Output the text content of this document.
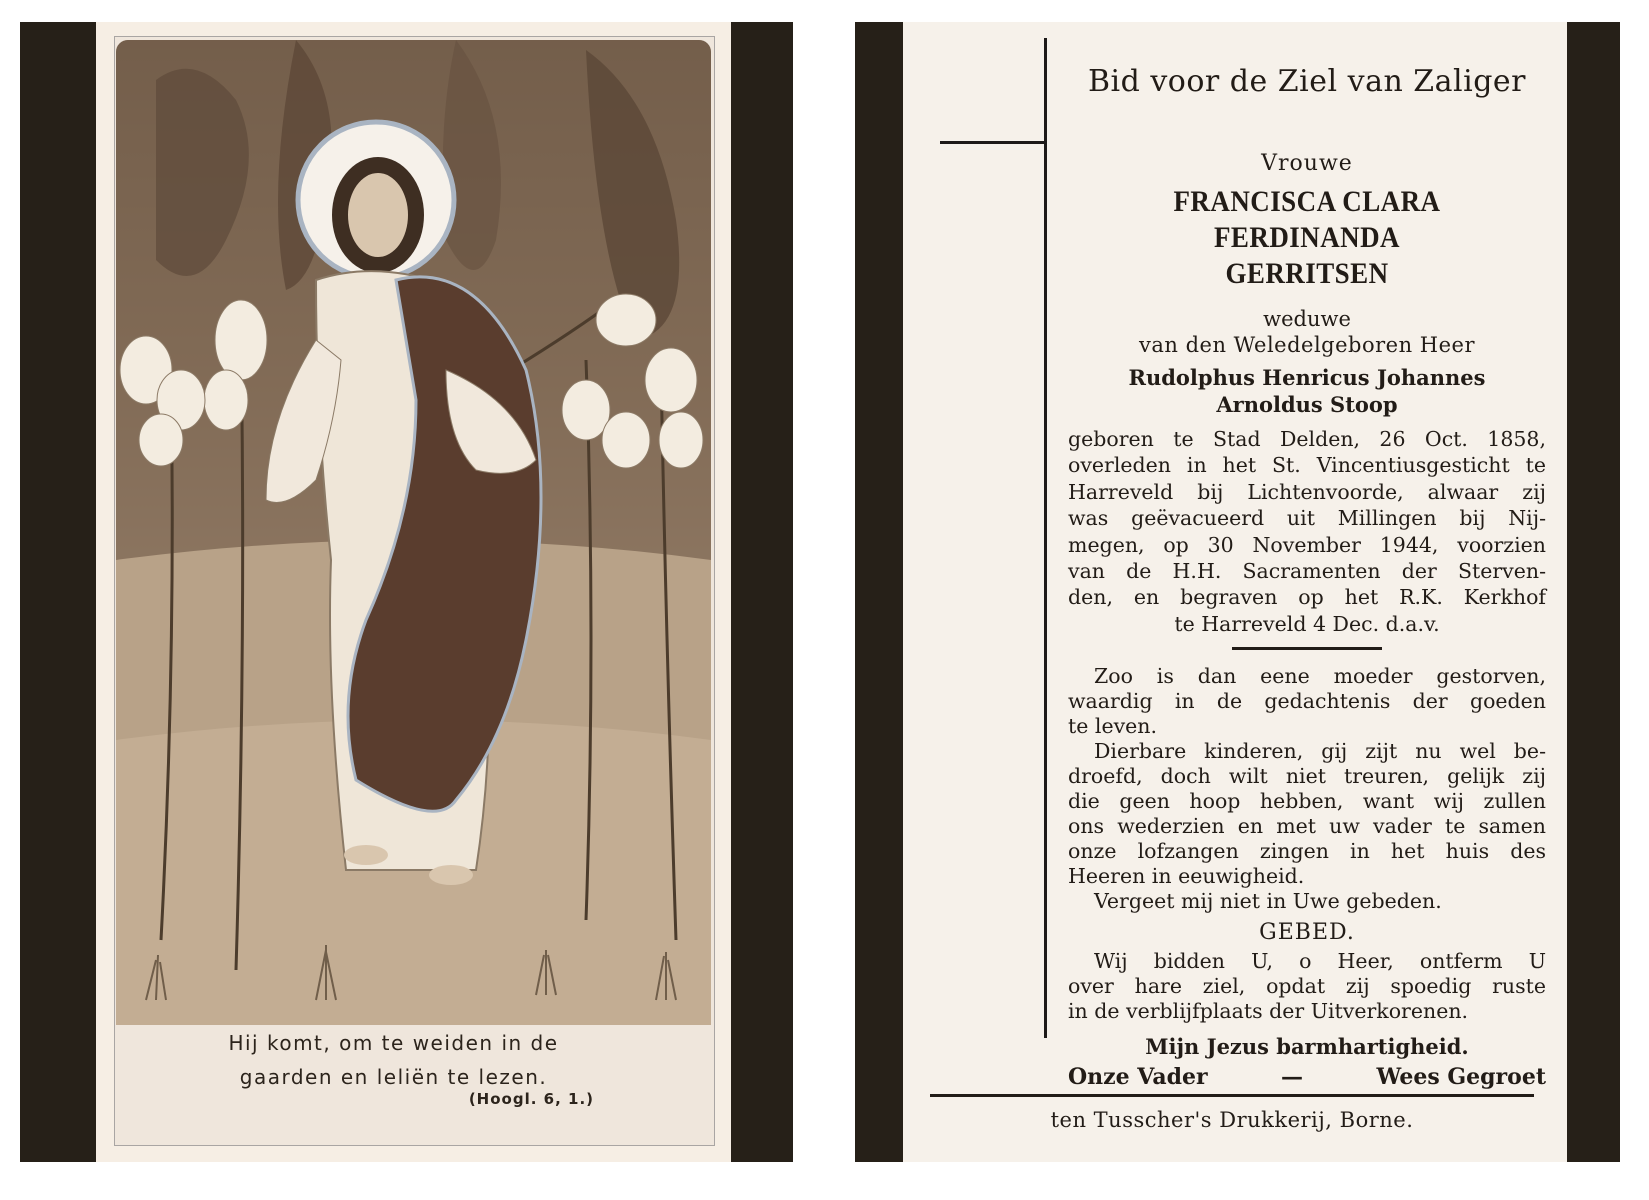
Hij komt, om te weiden in de
gaarden en leliën te lezen.
(Hoogl. 6, 1.)
Bid voor de Ziel van Zaliger
Vrouwe
FRANCISCA CLARA FERDINANDA
GERRITSEN
weduwe
van den Weledelgeboren Heer
Rudolphus Henricus Johannes
Arnoldus Stoop
geboren te Stad Delden, 26 Oct. 1858,
overleden in het St. Vincentiusgesticht te
Harreveld bij Lichtenvoorde, alwaar zij
was geëvacueerd uit Millingen bij Nij-
megen, op 30 November 1944, voorzien
van de H.H. Sacramenten der Sterven-
den, en begraven op het R.K. Kerkhof
te Harreveld 4 Dec. d.a.v.
Zoo is dan eene moeder gestorven,
waardig in de gedachtenis der goeden
te leven.
Dierbare kinderen, gij zijt nu wel be-
droefd, doch wilt niet treuren, gelijk zij
die geen hoop hebben, want wij zullen
ons wederzien en met uw vader te samen
onze lofzangen zingen in het huis des
Heeren in eeuwigheid.
Vergeet mij niet in Uwe gebeden.
GEBED.
Wij bidden U, o Heer, ontferm U
over hare ziel, opdat zij spoedig ruste
in de verblijfplaats der Uitverkorenen.
Mijn Jezus barmhartigheid.
Onze Vader	—	Wees Gegroet
ten Tusscher's Drukkerij, Borne.
